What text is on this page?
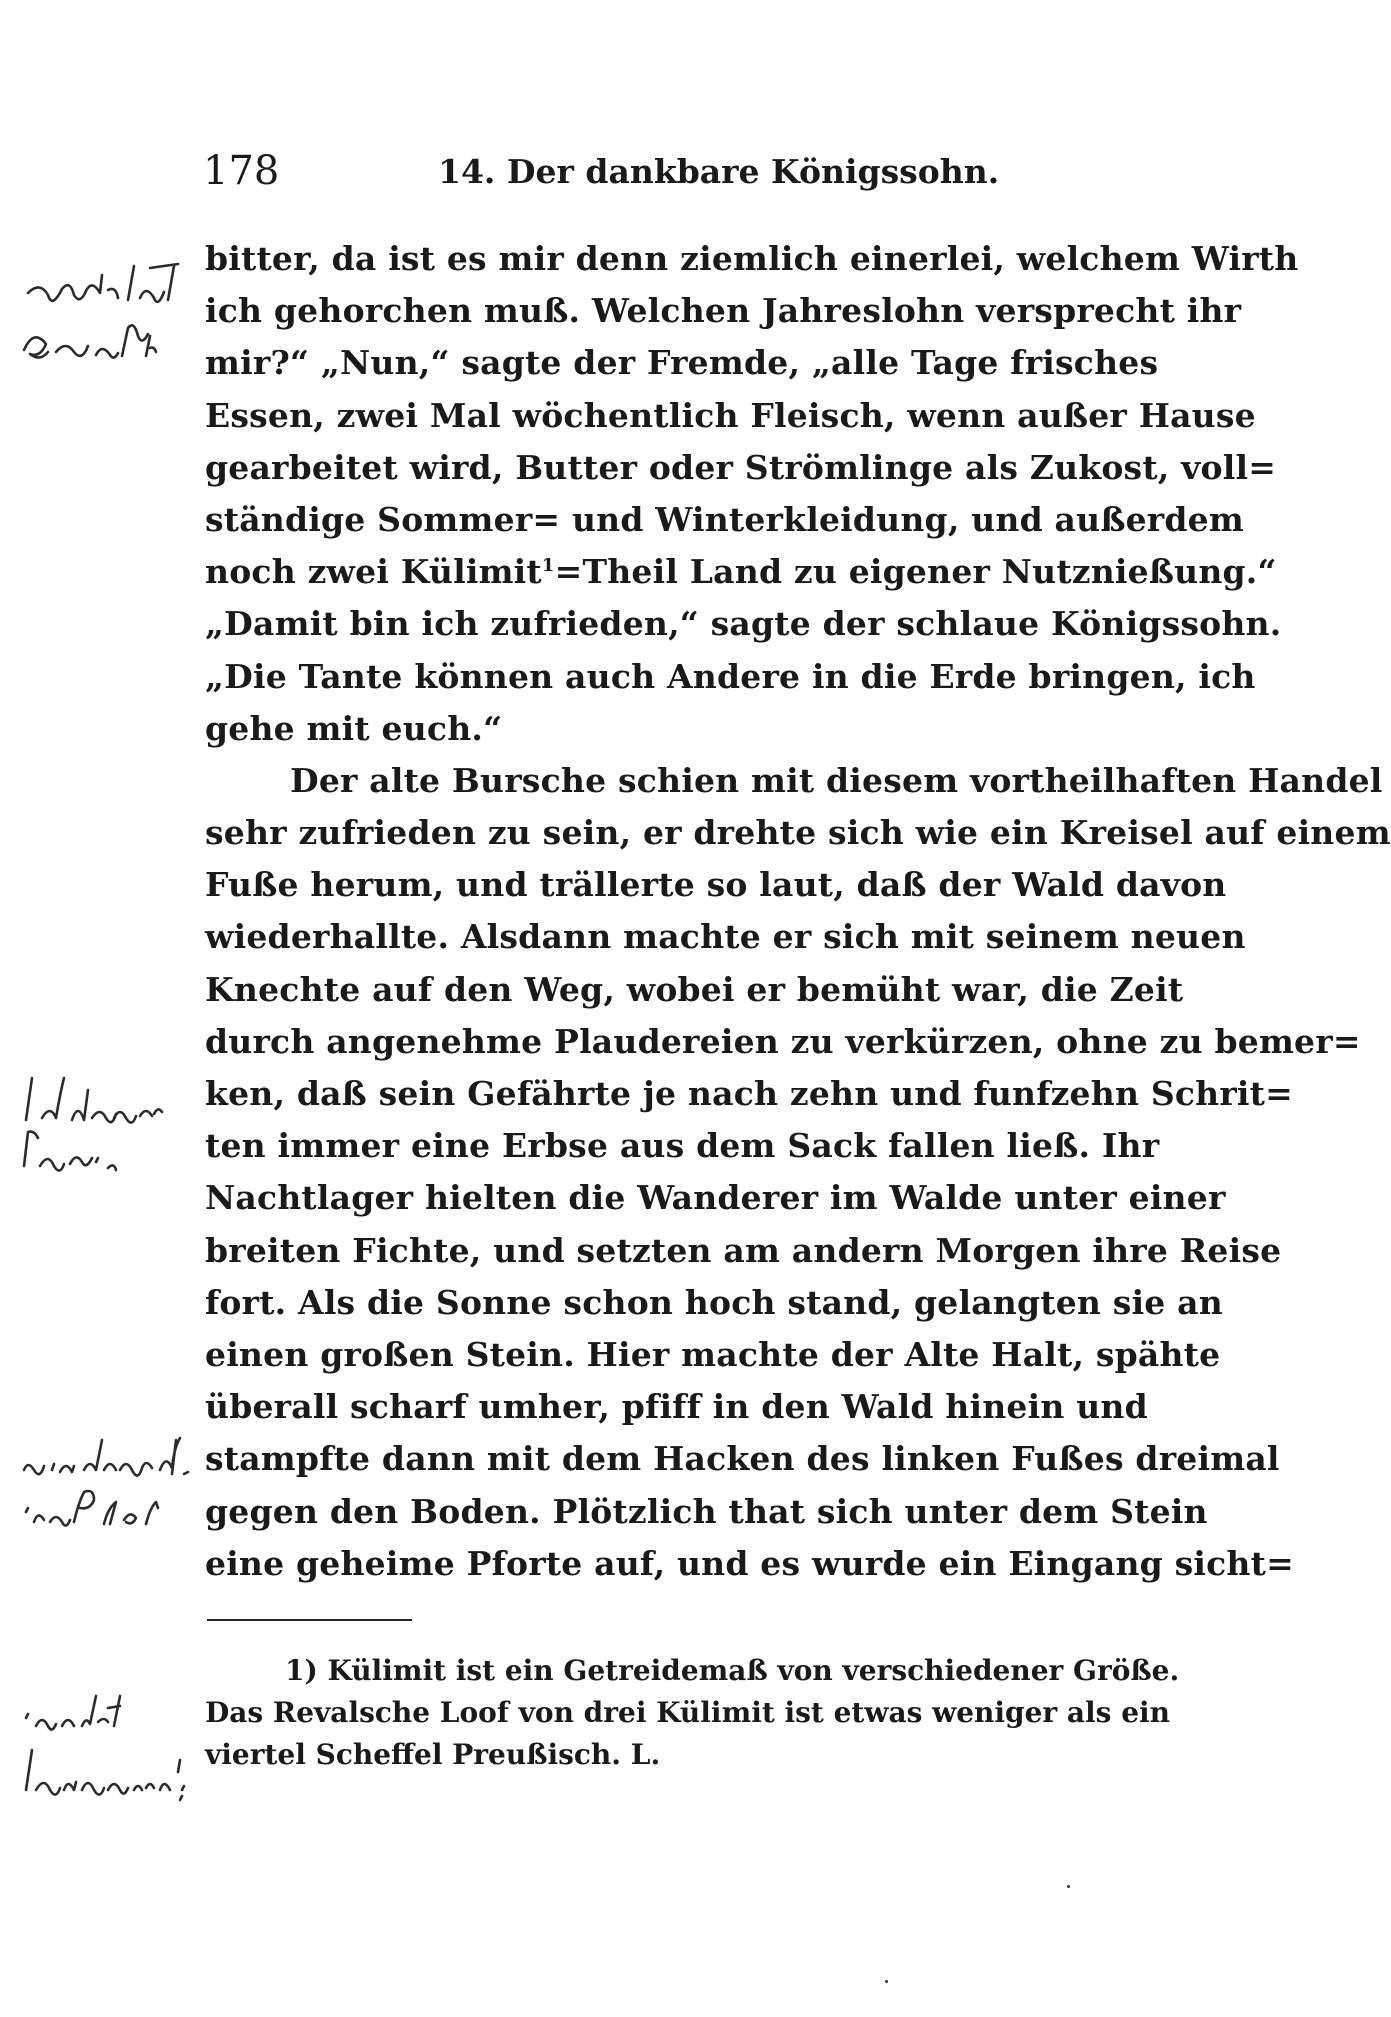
178	14. Der dankbare Königssohn.
bitter, da ist es mir denn ziemlich einerlei, welchem Wirth
ich gehorchen muß. Welchen Jahreslohn versprecht ihr
mir?“ „Nun,“ sagte der Fremde, „alle Tage frisches
Essen, zwei Mal wöchentlich Fleisch, wenn außer Hause
gearbeitet wird, Butter oder Strömlinge als Zukost, voll=
ständige Sommer= und Winterkleidung, und außerdem
noch zwei Külimit$^1$=Theil Land zu eigener Nutznießung.“
„Damit bin ich zufrieden,“ sagte der schlaue Königssohn.
„Die Tante können auch Andere in die Erde bringen, ich
gehe mit euch.“
Der alte Bursche schien mit diesem vortheilhaften Handel
sehr zufrieden zu sein, er drehte sich wie ein Kreisel auf einem
Fuße herum, und trällerte so laut, daß der Wald davon
wiederhallte. Alsdann machte er sich mit seinem neuen
Knechte auf den Weg, wobei er bemüht war, die Zeit
durch angenehme Plaudereien zu verkürzen, ohne zu bemer=
ken, daß sein Gefährte je nach zehn und funfzehn Schrit=
ten immer eine Erbse aus dem Sack fallen ließ. Ihr
Nachtlager hielten die Wanderer im Walde unter einer
breiten Fichte, und setzten am andern Morgen ihre Reise
fort. Als die Sonne schon hoch stand, gelangten sie an
einen großen Stein. Hier machte der Alte Halt, spähte
überall scharf umher, pfiff in den Wald hinein und
stampfte dann mit dem Hacken des linken Fußes dreimal
gegen den Boden. Plötzlich that sich unter dem Stein
eine geheime Pforte auf, und es wurde ein Eingang sicht=
1) Külimit ist ein Getreidemaß von verschiedener Größe.
Das Revalsche Loof von drei Külimit ist etwas weniger als ein
viertel Scheffel Preußisch. L.
